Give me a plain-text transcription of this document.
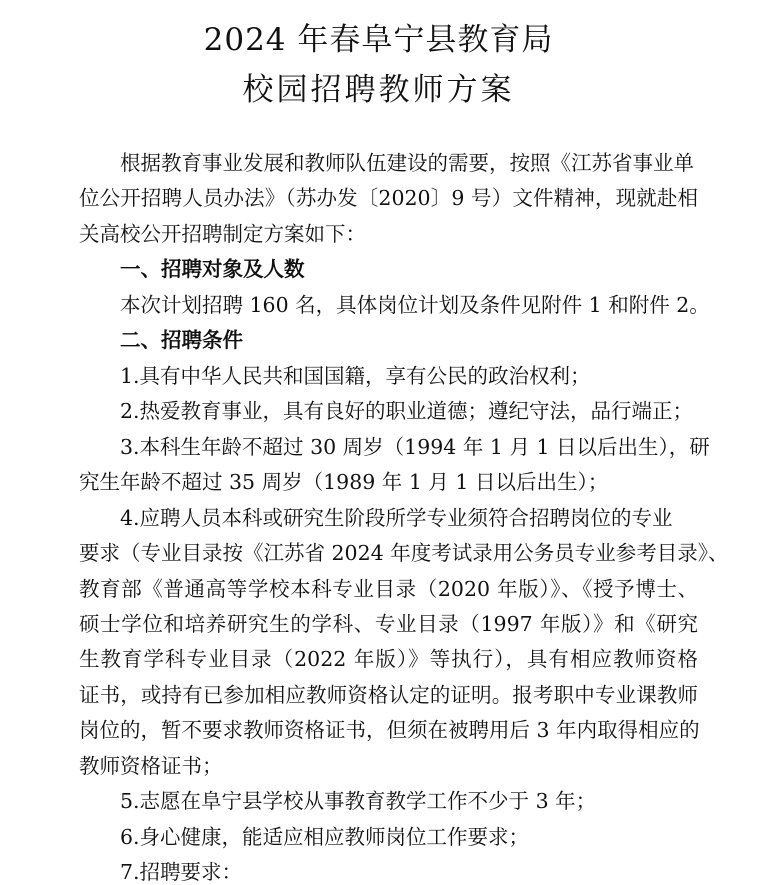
2024 年春阜宁县教育局
校园招聘教师方案
根据教育事业发展和教师队伍建设的需要，按照《江苏省事业单
位公开招聘人员办法》（苏办发〔2020〕9 号）文件精神，现就赴相
关高校公开招聘制定方案如下：
一、招聘对象及人数
本次计划招聘 160 名，具体岗位计划及条件见附件 1 和附件 2。
二、招聘条件
1.具有中华人民共和国国籍，享有公民的政治权利；
2.热爱教育事业，具有良好的职业道德；遵纪守法，品行端正；
3.本科生年龄不超过 30 周岁（1994 年 1 月 1 日以后出生），研
究生年龄不超过 35 周岁（1989 年 1 月 1 日以后出生）；
4.应聘人员本科或研究生阶段所学专业须符合招聘岗位的专业
要求（专业目录按《江苏省 2024 年度考试录用公务员专业参考目录》、
教育部《普通高等学校本科专业目录（2020 年版）》、《授予博士、
硕士学位和培养研究生的学科、专业目录（1997 年版）》和《研究
生教育学科专业目录（2022 年版）》等执行），具有相应教师资格
证书，或持有已参加相应教师资格认定的证明。报考职中专业课教师
岗位的，暂不要求教师资格证书，但须在被聘用后 3 年内取得相应的
教师资格证书；
5.志愿在阜宁县学校从事教育教学工作不少于 3 年；
6.身心健康，能适应相应教师岗位工作要求；
7.招聘要求：
